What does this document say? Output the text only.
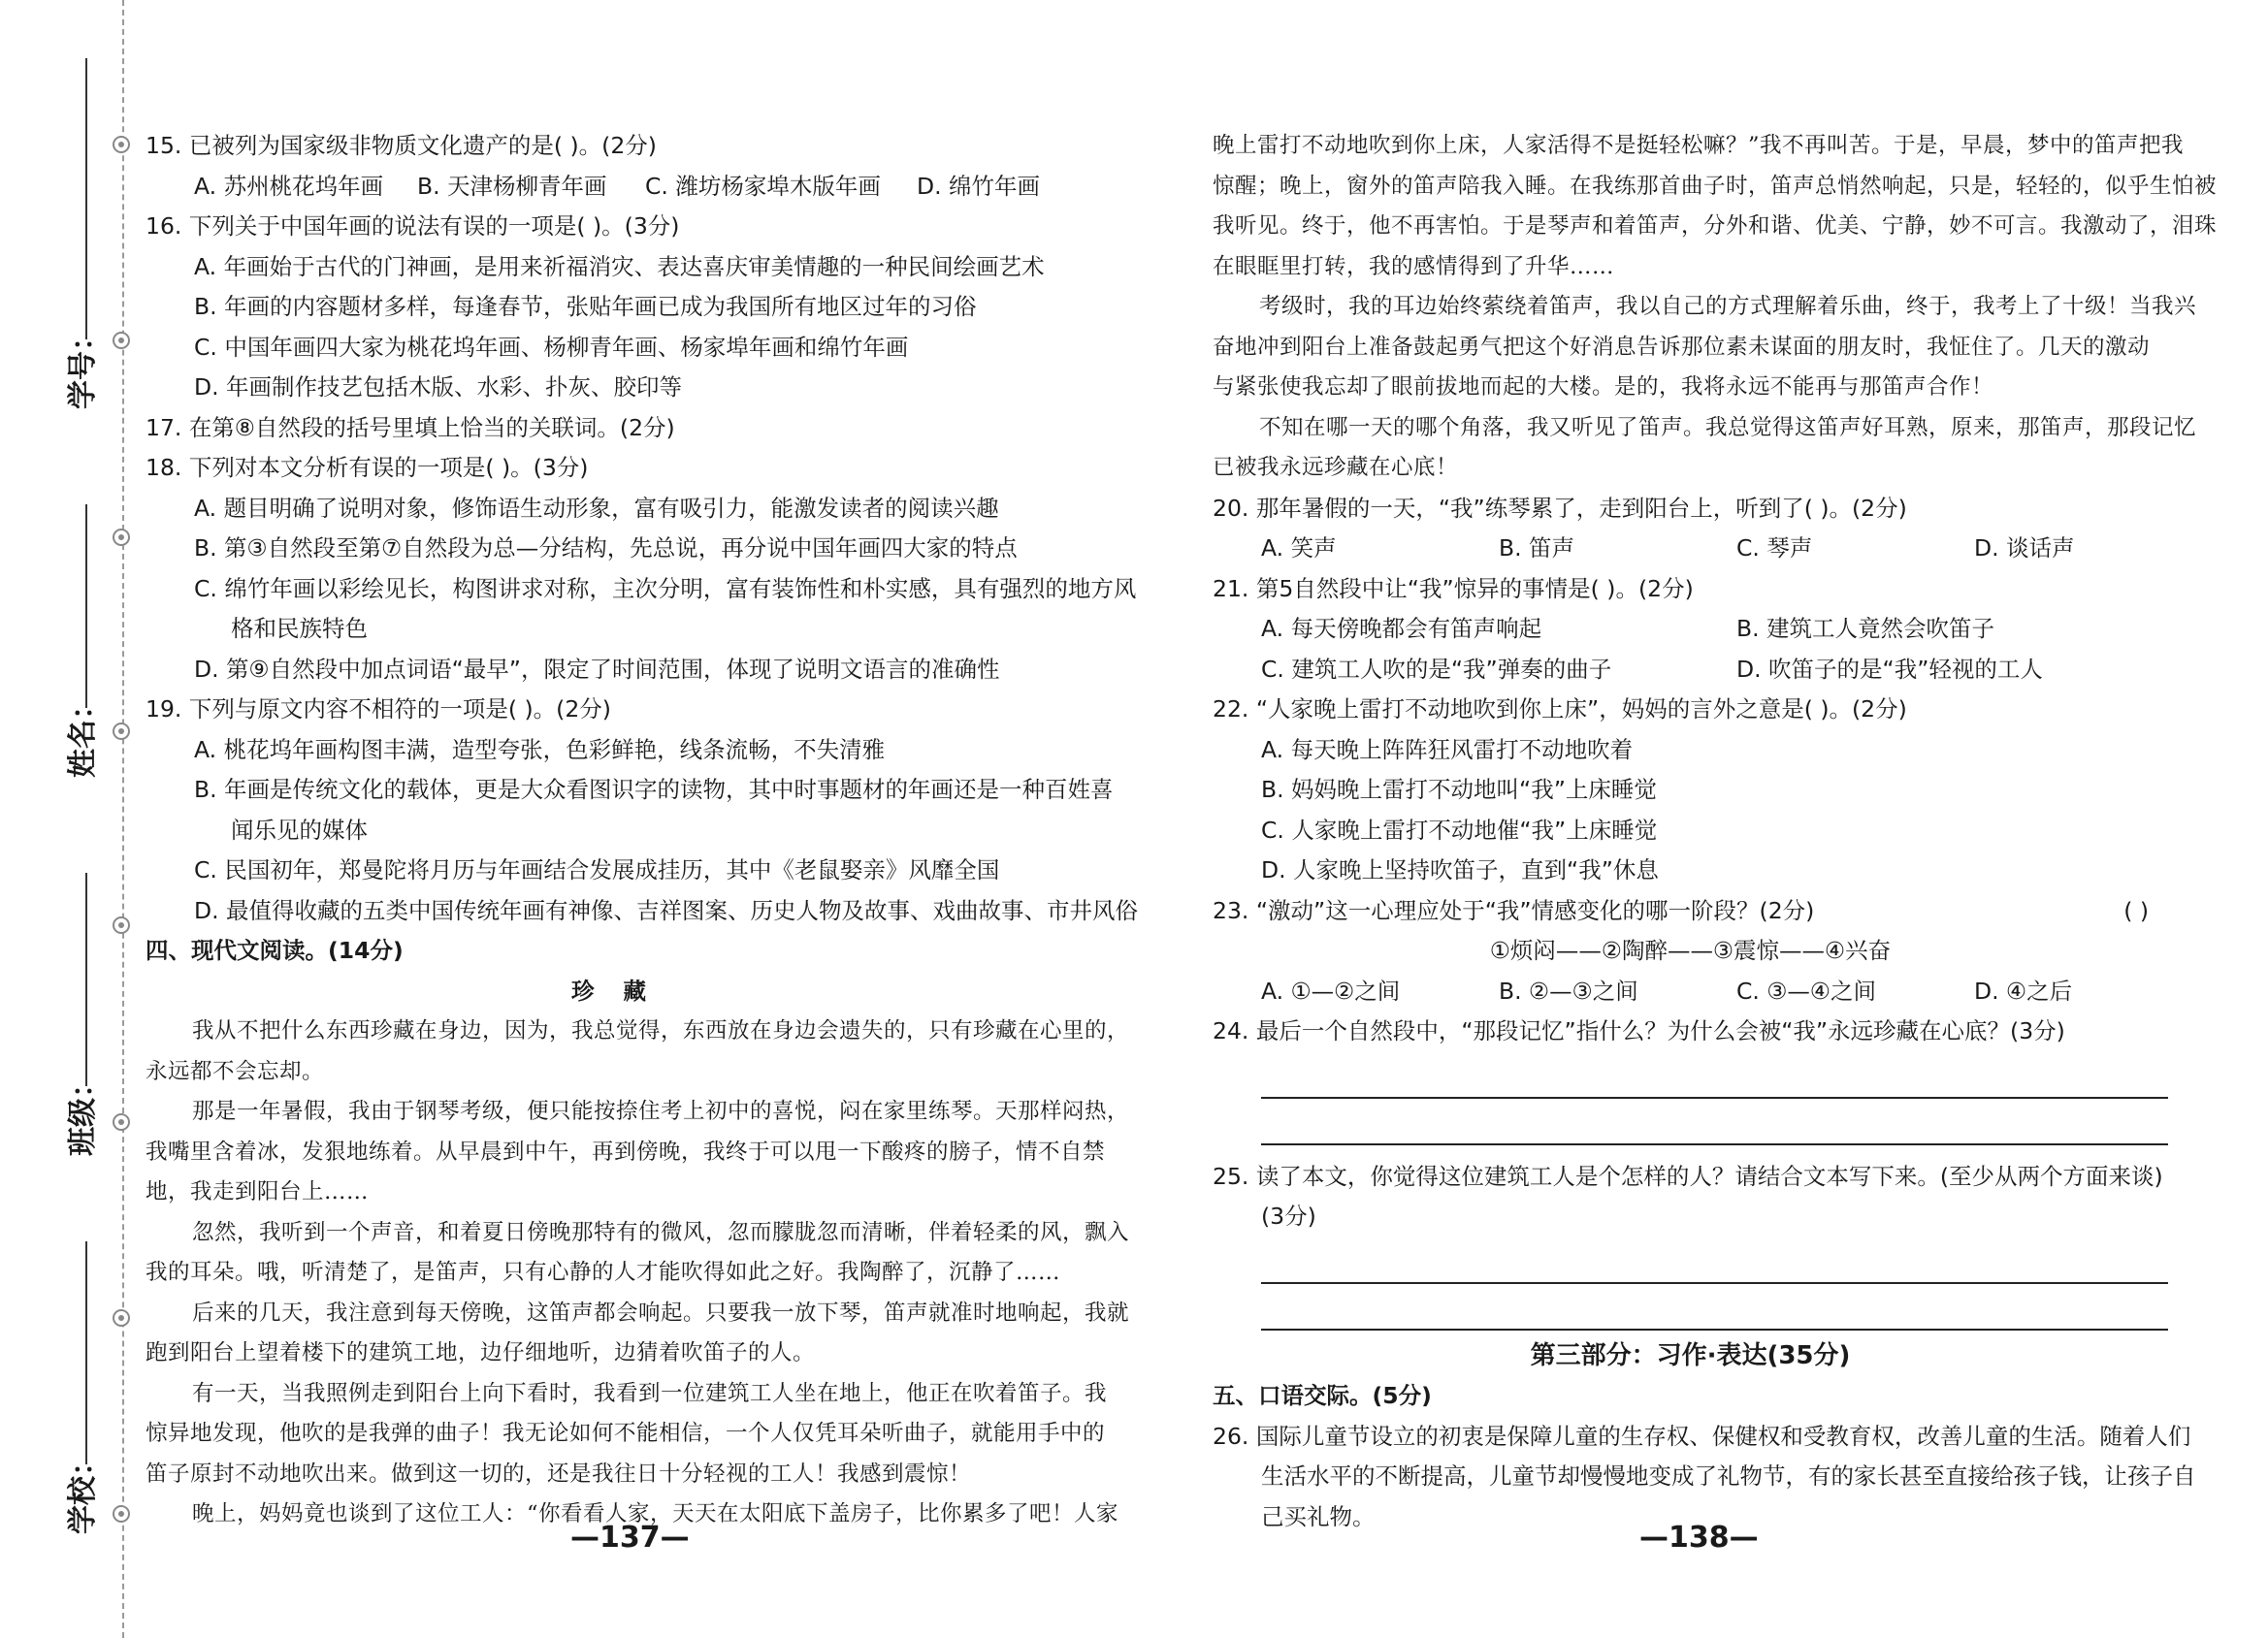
学号：
姓名：
班级：
学校：
15. 已被列为国家级非物质文化遗产的是( )。(2分)
A. 苏州桃花坞年画	B. 天津杨柳青年画	C. 潍坊杨家埠木版年画	D. 绵竹年画
16. 下列关于中国年画的说法有误的一项是( )。(3分)
A. 年画始于古代的门神画，是用来祈福消灾、表达喜庆审美情趣的一种民间绘画艺术
B. 年画的内容题材多样，每逢春节，张贴年画已成为我国所有地区过年的习俗
C. 中国年画四大家为桃花坞年画、杨柳青年画、杨家埠年画和绵竹年画
D. 年画制作技艺包括木版、水彩、扑灰、胶印等
17. 在第⑧自然段的括号里填上恰当的关联词。(2分)
18. 下列对本文分析有误的一项是( )。(3分)
A. 题目明确了说明对象，修饰语生动形象，富有吸引力，能激发读者的阅读兴趣
B. 第③自然段至第⑦自然段为总—分结构，先总说，再分说中国年画四大家的特点
C. 绵竹年画以彩绘见长，构图讲求对称，主次分明，富有装饰性和朴实感，具有强烈的地方风
格和民族特色
D. 第⑨自然段中加点词语“最早”，限定了时间范围，体现了说明文语言的准确性
19. 下列与原文内容不相符的一项是( )。(2分)
A. 桃花坞年画构图丰满，造型夸张，色彩鲜艳，线条流畅，不失清雅
B. 年画是传统文化的载体，更是大众看图识字的读物，其中时事题材的年画还是一种百姓喜
闻乐见的媒体
C. 民国初年，郑曼陀将月历与年画结合发展成挂历，其中《老鼠娶亲》风靡全国
D. 最值得收藏的五类中国传统年画有神像、吉祥图案、历史人物及故事、戏曲故事、市井风俗
四、现代文阅读。(14分)
珍藏
我从不把什么东西珍藏在身边，因为，我总觉得，东西放在身边会遗失的，只有珍藏在心里的，
永远都不会忘却。
那是一年暑假，我由于钢琴考级，便只能按捺住考上初中的喜悦，闷在家里练琴。天那样闷热，
我嘴里含着冰，发狠地练着。从早晨到中午，再到傍晚，我终于可以甩一下酸疼的膀子，情不自禁
地，我走到阳台上……
忽然，我听到一个声音，和着夏日傍晚那特有的微风，忽而朦胧忽而清晰，伴着轻柔的风，飘入
我的耳朵。哦，听清楚了，是笛声，只有心静的人才能吹得如此之好。我陶醉了，沉静了……
后来的几天，我注意到每天傍晚，这笛声都会响起。只要我一放下琴，笛声就准时地响起，我就
跑到阳台上望着楼下的建筑工地，边仔细地听，边猜着吹笛子的人。
有一天，当我照例走到阳台上向下看时，我看到一位建筑工人坐在地上，他正在吹着笛子。我
惊异地发现，他吹的是我弹的曲子！我无论如何不能相信，一个人仅凭耳朵听曲子，就能用手中的
笛子原封不动地吹出来。做到这一切的，还是我往日十分轻视的工人！我感到震惊！
晚上，妈妈竟也谈到了这位工人：“你看看人家，天天在太阳底下盖房子，比你累多了吧！人家
—137—
晚上雷打不动地吹到你上床，人家活得不是挺轻松嘛？”我不再叫苦。于是，早晨，梦中的笛声把我
惊醒；晚上，窗外的笛声陪我入睡。在我练那首曲子时，笛声总悄然响起，只是，轻轻的，似乎生怕被
我听见。终于，他不再害怕。于是琴声和着笛声，分外和谐、优美、宁静，妙不可言。我激动了，泪珠
在眼眶里打转，我的感情得到了升华……
考级时，我的耳边始终萦绕着笛声，我以自己的方式理解着乐曲，终于，我考上了十级！当我兴
奋地冲到阳台上准备鼓起勇气把这个好消息告诉那位素未谋面的朋友时，我怔住了。几天的激动
与紧张使我忘却了眼前拔地而起的大楼。是的，我将永远不能再与那笛声合作！
不知在哪一天的哪个角落，我又听见了笛声。我总觉得这笛声好耳熟，原来，那笛声，那段记忆
已被我永远珍藏在心底！
20. 那年暑假的一天，“我”练琴累了，走到阳台上，听到了( )。(2分)
A. 笑声	B. 笛声	C. 琴声	D. 谈话声
21. 第5自然段中让“我”惊异的事情是( )。(2分)
A. 每天傍晚都会有笛声响起	B. 建筑工人竟然会吹笛子
C. 建筑工人吹的是“我”弹奏的曲子	D. 吹笛子的是“我”轻视的工人
22. “人家晚上雷打不动地吹到你上床”，妈妈的言外之意是( )。(2分)
A. 每天晚上阵阵狂风雷打不动地吹着
B. 妈妈晚上雷打不动地叫“我”上床睡觉
C. 人家晚上雷打不动地催“我”上床睡觉
D. 人家晚上坚持吹笛子，直到“我”休息
23. “激动”这一心理应处于“我”情感变化的哪一阶段？(2分)	( )
①烦闷——②陶醉——③震惊——④兴奋
A. ①—②之间	B. ②—③之间	C. ③—④之间	D. ④之后
24. 最后一个自然段中，“那段记忆”指什么？为什么会被“我”永远珍藏在心底？(3分)
25. 读了本文，你觉得这位建筑工人是个怎样的人？请结合文本写下来。(至少从两个方面来谈)
(3分)
第三部分：习作·表达(35分)
五、口语交际。(5分)
26. 国际儿童节设立的初衷是保障儿童的生存权、保健权和受教育权，改善儿童的生活。随着人们
生活水平的不断提高，儿童节却慢慢地变成了礼物节，有的家长甚至直接给孩子钱，让孩子自
己买礼物。
—138—
